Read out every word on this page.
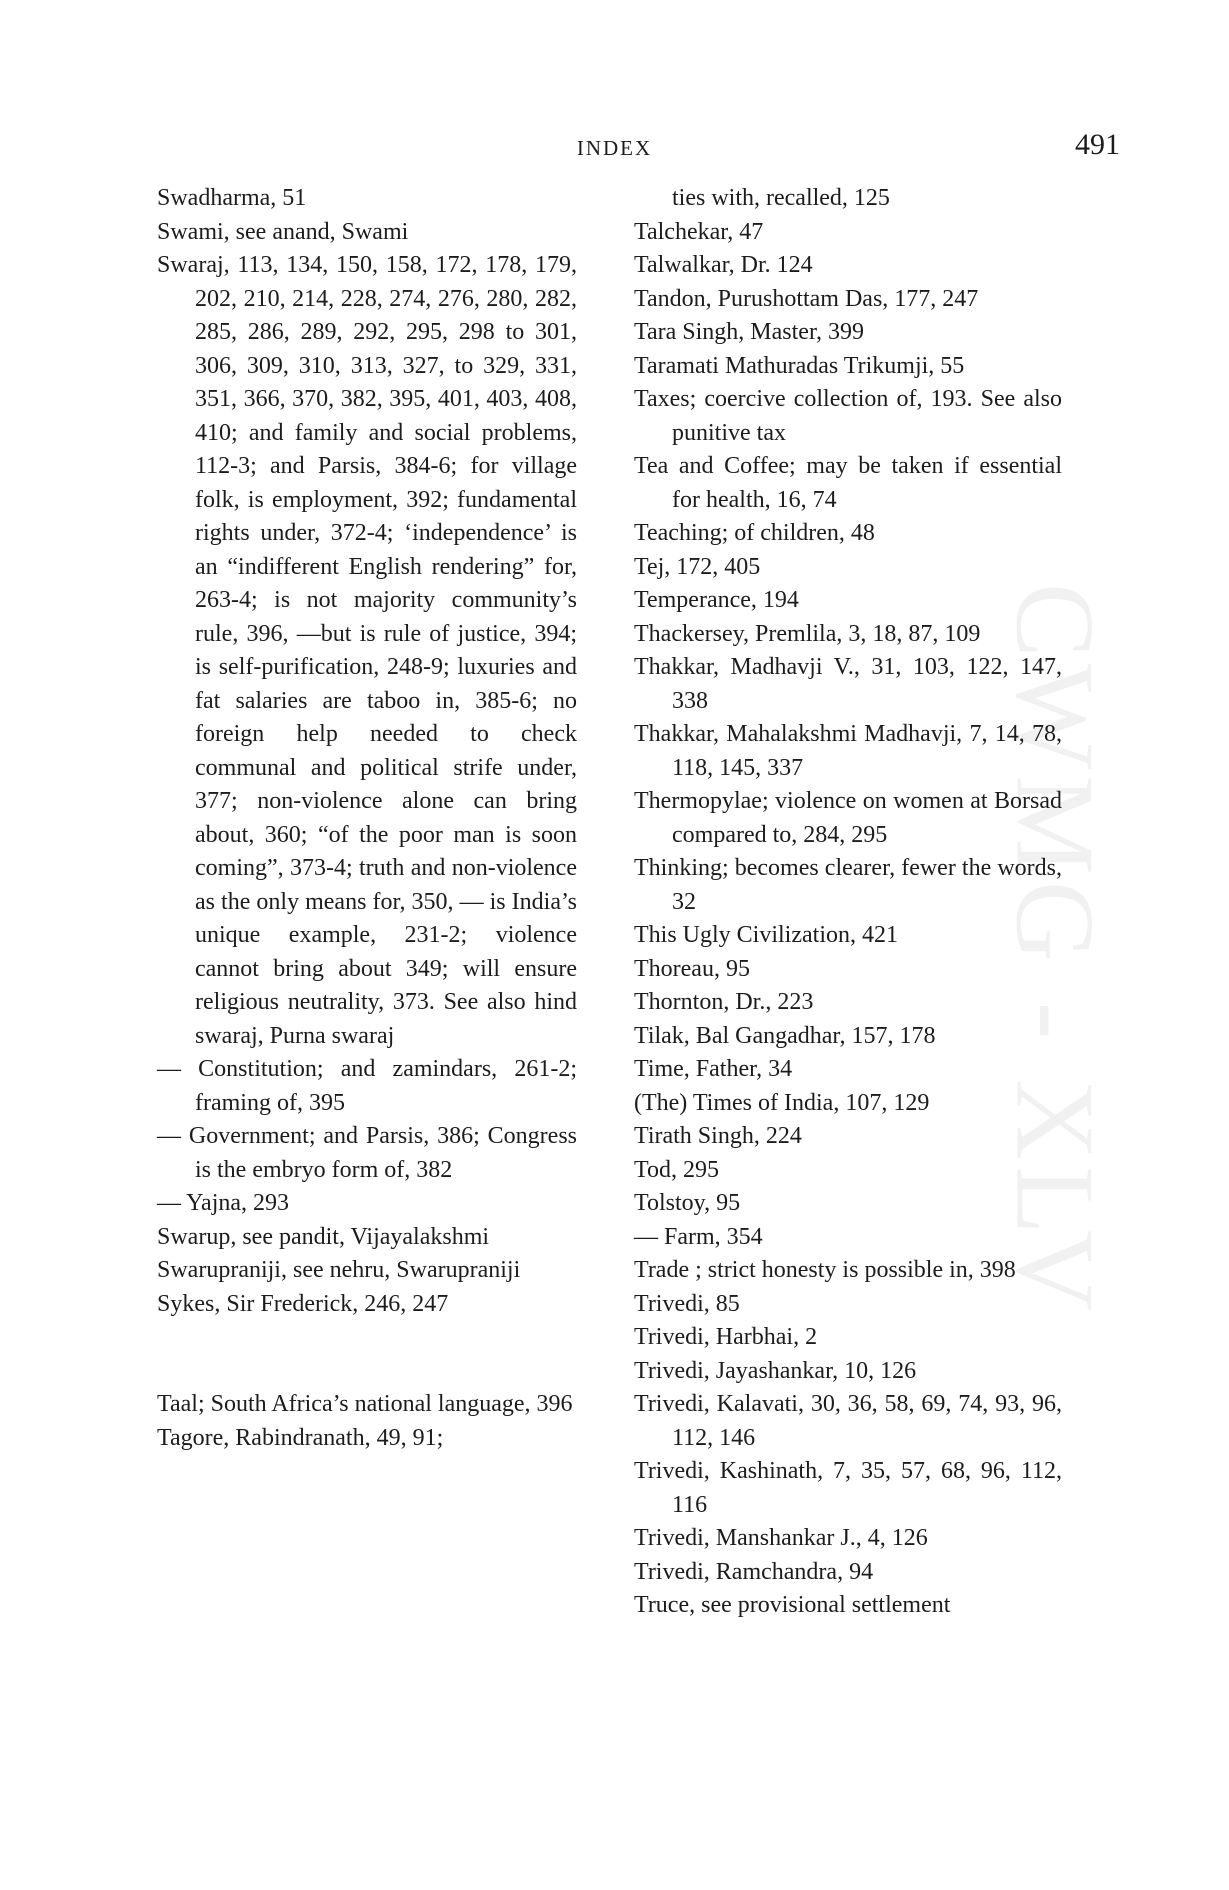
INDEX	491
CWMG - XLV
Swadharma, 51
Swami, see anand, Swami
Swaraj, 113, 134, 150, 158, 172, 178, 179, 202, 210, 214, 228, 274, 276, 280, 282, 285, 286, 289, 292, 295, 298 to 301, 306, 309, 310, 313, 327, to 329, 331, 351, 366, 370, 382, 395, 401, 403, 408, 410; and family and social problems, 112-3; and Parsis, 384-6; for village folk, is employment, 392; fundamental rights under, 372-4; ‘independence’ is an “indifferent English rendering” for, 263-4; is not majority community’s rule, 396, —but is rule of justice, 394; is self-purification, 248-9; luxuries and fat salaries are taboo in, 385-6; no foreign help needed to check communal and political strife under, 377; non-violence alone can bring about, 360; “of the poor man is soon coming”, 373-4; truth and non-violence as the only means for, 350, — is India’s unique example, 231-2; violence cannot bring about 349; will ensure religious neutrality, 373. See also hind swaraj, Purna swaraj
— Constitution; and zamindars, 261-2; framing of, 395
— Government; and Parsis, 386; Congress is the embryo form of, 382
— Yajna, 293
Swarup, see pandit, Vijayalakshmi
Swarupraniji, see nehru, Swarupraniji
Sykes, Sir Frederick, 246, 247
Taal; South Africa’s national language, 396
Tagore, Rabindranath, 49, 91;
ties with, recalled, 125
Talchekar, 47
Talwalkar, Dr. 124
Tandon, Purushottam Das, 177, 247
Tara Singh, Master, 399
Taramati Mathuradas Trikumji, 55
Taxes; coercive collection of, 193. See also punitive tax
Tea and Coffee; may be taken if essential for health, 16, 74
Teaching; of children, 48
Tej, 172, 405
Temperance, 194
Thackersey, Premlila, 3, 18, 87, 109
Thakkar, Madhavji V., 31, 103, 122, 147, 338
Thakkar, Mahalakshmi Madhavji, 7, 14, 78, 118, 145, 337
Thermopylae; violence on women at Borsad compared to, 284, 295
Thinking; becomes clearer, fewer the words, 32
This Ugly Civilization, 421
Thoreau, 95
Thornton, Dr., 223
Tilak, Bal Gangadhar, 157, 178
Time, Father, 34
(The) Times of India, 107, 129
Tirath Singh, 224
Tod, 295
Tolstoy, 95
— Farm, 354
Trade ; strict honesty is possible in, 398
Trivedi, 85
Trivedi, Harbhai, 2
Trivedi, Jayashankar, 10, 126
Trivedi, Kalavati, 30, 36, 58, 69, 74, 93, 96, 112, 146
Trivedi, Kashinath, 7, 35, 57, 68, 96, 112, 116
Trivedi, Manshankar J., 4, 126
Trivedi, Ramchandra, 94
Truce, see provisional settlement
